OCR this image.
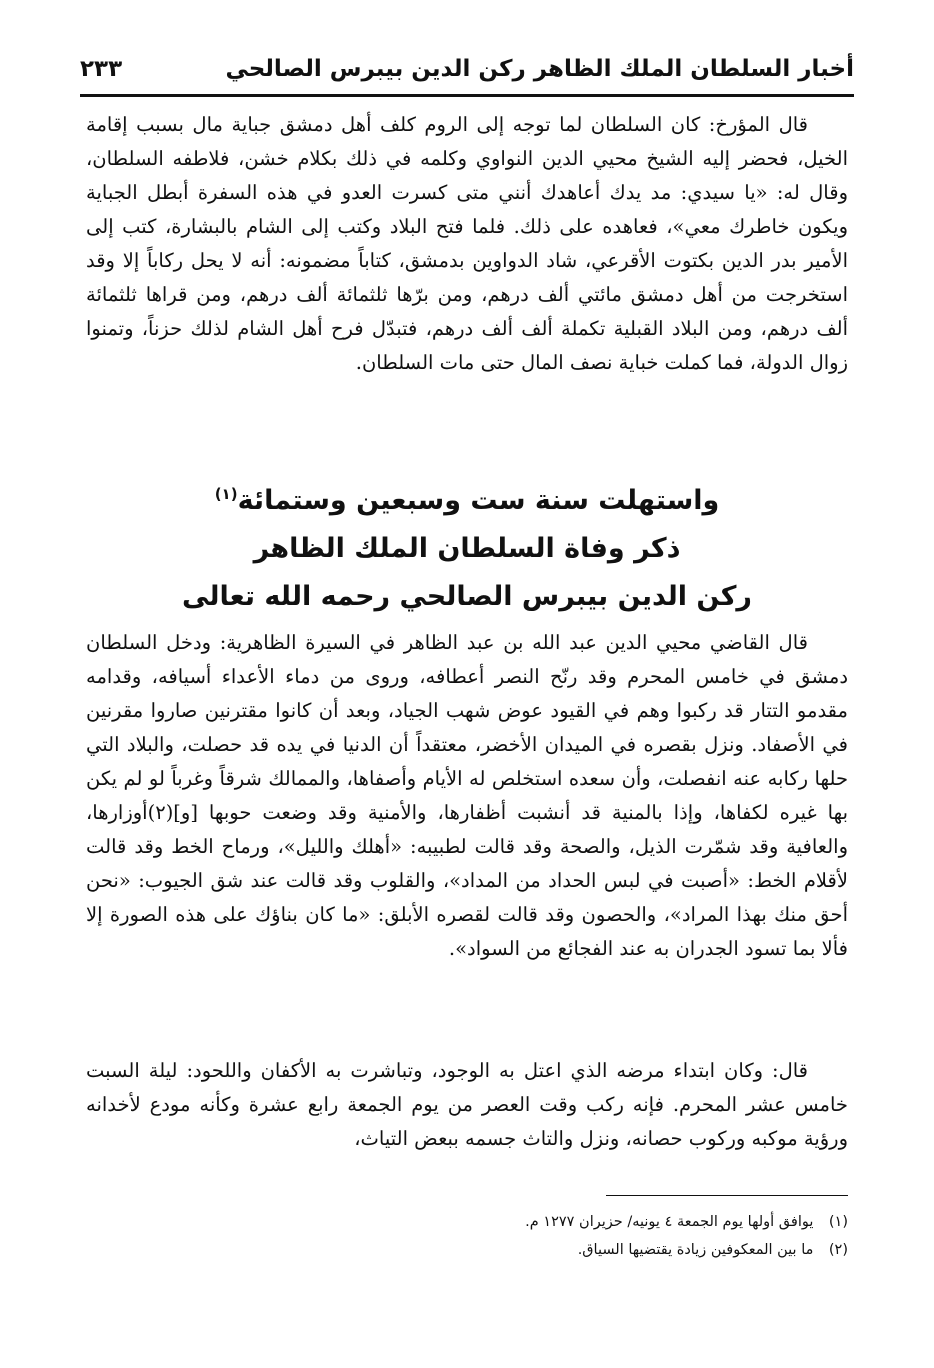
أخبار السلطان الملك الظاهر ركن الدين بيبرس الصالحي
٢٣٣

قال المؤرخ: كان السلطان لما توجه إلى الروم كلف أهل دمشق جباية مال بسبب إقامة الخيل، فحضر إليه الشيخ محيي الدين النواوي وكلمه في ذلك بكلام خشن، فلاطفه السلطان، وقال له: «يا سيدي: مد يدك أعاهدك أنني متى كسرت العدو في هذه السفرة أبطل الجباية ويكون خاطرك معي»، فعاهده على ذلك. فلما فتح البلاد وكتب إلى الشام بالبشارة، كتب إلى الأمير بدر الدين بكتوت الأقرعي، شاد الدواوين بدمشق، كتاباً مضمونه: أنه لا يحل ركاباً إلا وقد استخرجت من أهل دمشق مائتي ألف درهم، ومن برّها ثلثمائة ألف درهم، ومن قراها ثلثمائة ألف درهم، ومن البلاد القبلية تكملة ألف ألف درهم، فتبدّل فرح أهل الشام لذلك حزناً، وتمنوا زوال الدولة، فما كملت خباية نصف المال حتى مات السلطان.

واستهلت سنة ست وسبعين وستمائة$^{(١)}$
ذكر وفاة السلطان الملك الظاهر
ركن الدين بيبرس الصالحي رحمه الله تعالى

قال القاضي محيي الدين عبد الله بن عبد الظاهر في السيرة الظاهرية: ودخل السلطان دمشق في خامس المحرم وقد رنّح النصر أعطافه، وروى من دماء الأعداء أسيافه، وقدامه مقدمو التتار قد ركبوا وهم في القيود عوض شهب الجياد، وبعد أن كانوا مقترنين صاروا مقرنين في الأصفاد. ونزل بقصره في الميدان الأخضر، معتقداً أن الدنيا في يده قد حصلت، والبلاد التي حلها ركابه عنه انفصلت، وأن سعده استخلص له الأيام وأصفاها، والممالك شرقاً وغرباً لو لم يكن بها غيره لكفاها، وإذا بالمنية قد أنشبت أظفارها، والأمنية وقد وضعت حوبها [و](٢)أوزارها، والعافية وقد شمّرت الذيل، والصحة وقد قالت لطبيبه: «أهلك والليل»، ورماح الخط وقد قالت لأقلام الخط: «أصبت في لبس الحداد من المداد»، والقلوب وقد قالت عند شق الجيوب: «نحن أحق منك بهذا المراد»، والحصون وقد قالت لقصره الأبلق: «ما كان بناؤك على هذه الصورة إلا فألا بما تسود الجدران به عند الفجائع من السواد».

قال: وكان ابتداء مرضه الذي اعتل به الوجود، وتباشرت به الأكفان واللحود: ليلة السبت خامس عشر المحرم. فإنه ركب وقت العصر من يوم الجمعة رابع عشرة وكأنه مودع لأخدانه ورؤية موكبه وركوب حصانه، ونزل والتاث جسمه ببعض التياث،

(١) يوافق أولها يوم الجمعة ٤ يونيه/ حزيران ١٢٧٧ م.
(٢) ما بين المعكوفين زيادة يقتضيها السياق.
